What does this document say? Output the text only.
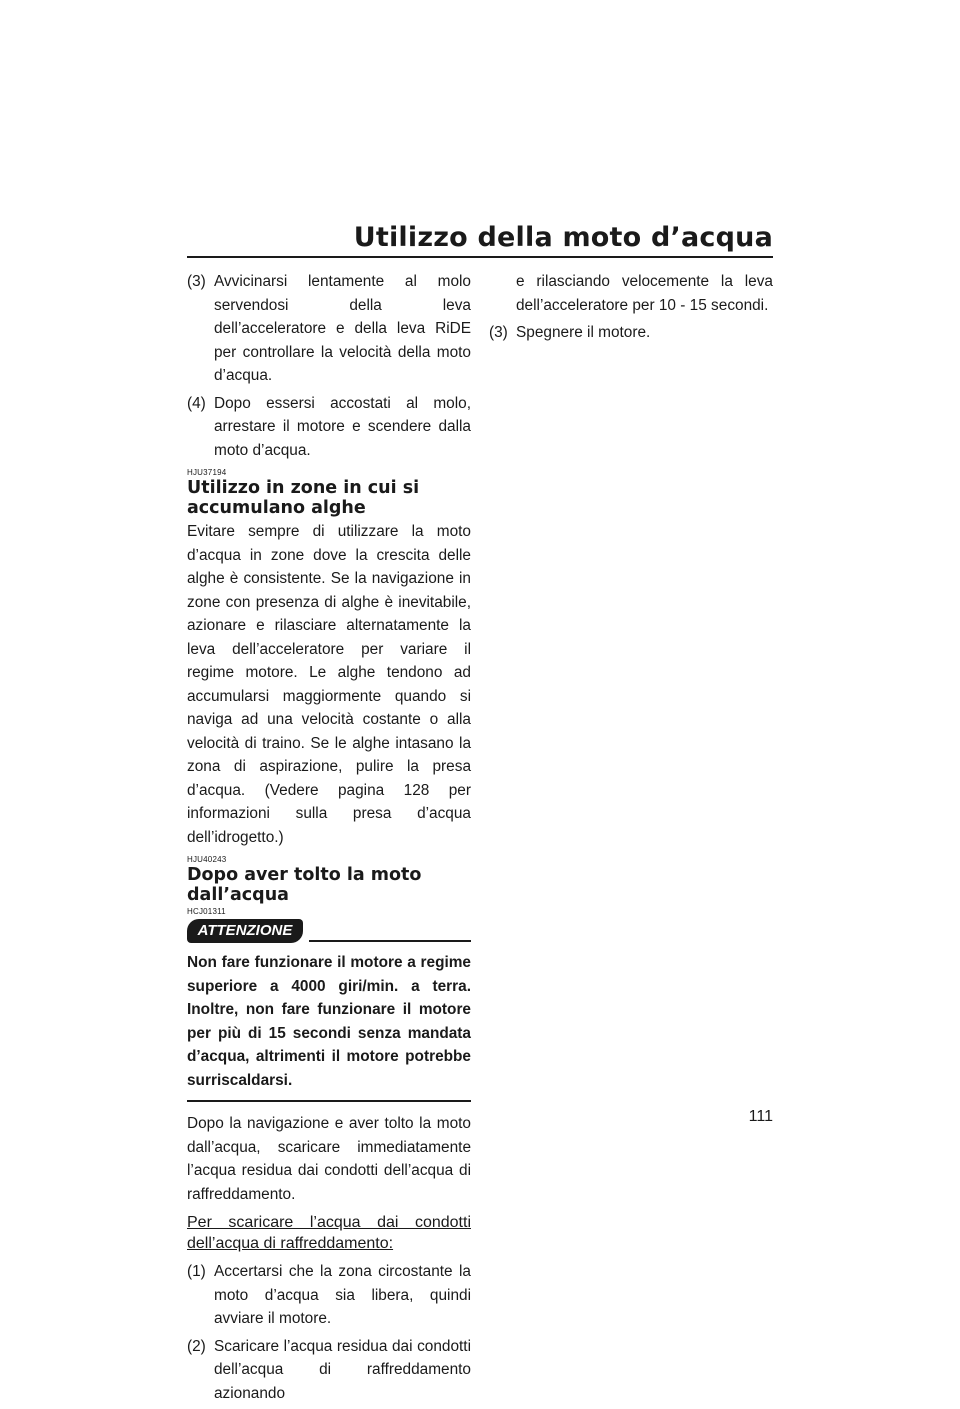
Utilizzo della moto d’acqua
(3) Avvicinarsi lentamente al molo servendosi della leva dell’acceleratore e della leva RiDE per controllare la velocità della moto d’acqua.
(4) Dopo essersi accostati al molo, arrestare il motore e scendere dalla moto d’acqua.
HJU37194
Utilizzo in zone in cui si accumulano alghe

Evitare sempre di utilizzare la moto d’acqua in zone dove la crescita delle alghe è consistente. Se la navigazione in zone con presenza di alghe è inevitabile, azionare e rilasciare alternatamente la leva dell’acceleratore per variare il regime motore. Le alghe tendono ad accumularsi maggiormente quando si naviga ad una velocità costante o alla velocità di traino. Se le alghe intasano la zona di aspirazione, pulire la presa d’acqua. (Vedere pagina 128 per informazioni sulla presa d’acqua dell’idrogetto.)

HJU40243
Dopo aver tolto la moto dall’acqua
HCJ01311
ATTENZIONE
Non fare funzionare il motore a regime superiore a 4000 giri/min. a terra. Inoltre, non fare funzionare il motore per più di 15 secondi senza mandata d’acqua, altrimenti il motore potrebbe surriscaldarsi.

Dopo la navigazione e aver tolto la moto dall’acqua, scaricare immediatamente l’acqua residua dai condotti dell’acqua di raffreddamento.

Per scaricare l’acqua dai condotti dell’acqua di raffreddamento:
(1) Accertarsi che la zona circostante la moto d’acqua sia libera, quindi avviare il motore.
(2) Scaricare l’acqua residua dai condotti dell’acqua di raffreddamento azionando
e rilasciando velocemente la leva dell’acceleratore per 10 - 15 secondi.
(3) Spegnere il motore.
111
